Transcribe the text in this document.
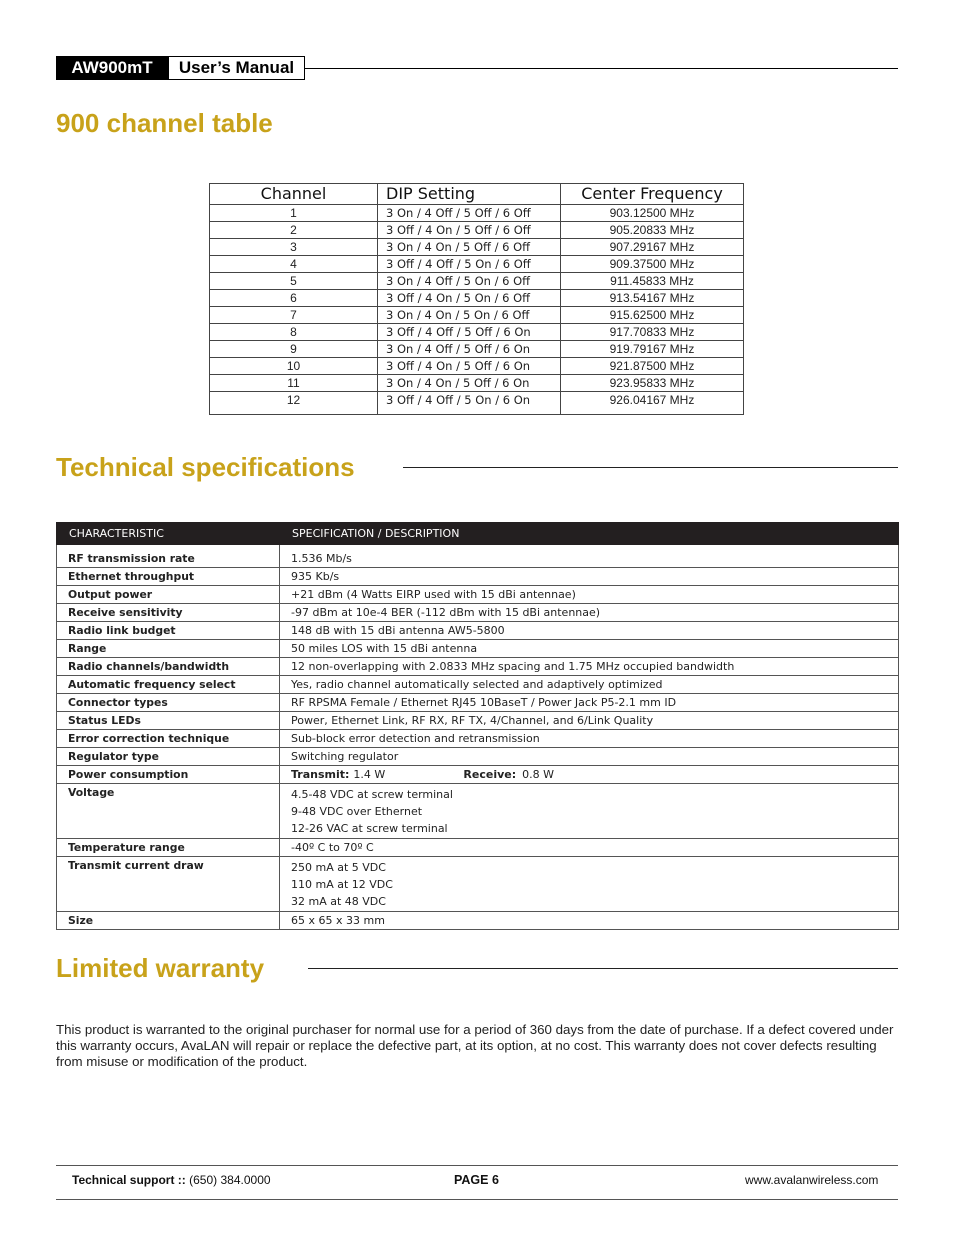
AW900mT	User’s Manual
900 channel table
Channel	DIP Setting	Center Frequency
1	3 On / 4 Off / 5 Off / 6 Off	903.12500 MHz
2	3 Off / 4 On / 5 Off / 6 Off	905.20833 MHz
3	3 On / 4 On / 5 Off / 6 Off	907.29167 MHz
4	3 Off / 4 Off / 5 On / 6 Off	909.37500 MHz
5	3 On / 4 Off / 5 On / 6 Off	911.45833 MHz
6	3 Off / 4 On / 5 On / 6 Off	913.54167 MHz
7	3 On / 4 On / 5 On / 6 Off	915.62500 MHz
8	3 Off / 4 Off / 5 Off / 6 On	917.70833 MHz
9	3 On / 4 Off / 5 Off / 6 On	919.79167 MHz
10	3 Off / 4 On / 5 Off / 6 On	921.87500 MHz
11	3 On / 4 On / 5 Off / 6 On	923.95833 MHz
12	3 Off / 4 Off / 5 On / 6 On	926.04167 MHz
Technical specifications
CHARACTERISTIC	SPECIFICATION / DESCRIPTION
RF transmission rate	1.536 Mb/s
Ethernet throughput	935 Kb/s
Output power	+21 dBm (4 Watts EIRP used with 15 dBi antennae)
Receive sensitivity	-97 dBm at 10e-4 BER (-112 dBm with 15 dBi antennae)
Radio link budget	148 dB with 15 dBi antenna AW5-5800
Range	50 miles LOS with 15 dBi antenna
Radio channels/bandwidth	12 non-overlapping with 2.0833 MHz spacing and 1.75 MHz occupied bandwidth
Automatic frequency select	Yes, radio channel automatically selected and adaptively optimized
Connector types	RF RPSMA Female / Ethernet RJ45 10BaseT / Power Jack P5-2.1 mm ID
Status LEDs	Power, Ethernet Link, RF RX, RF TX, 4/Channel, and 6/Link Quality
Error correction technique	Sub-block error detection and retransmission
Regulator type	Switching regulator
Power consumption	Transmit: 1.4 W Receive: 0.8 W
Voltage	4.5-48 VDC at screw terminal
9-48 VDC over Ethernet
12-26 VAC at screw terminal

Temperature range	-40º C to 70º C
Transmit current draw	250 mA at 5 VDC
110 mA at 12 VDC
32 mA at 48 VDC

Size	65 x 65 x 33 mm
Limited warranty
This product is warranted to the original purchaser for normal use for a period of 360 days from the date of purchase. If a defect covered under this warranty occurs, AvaLAN will repair or replace the defective part, at its option, at no cost. This warranty does not cover defects resulting from misuse or modification of the product.
Technical support :: (650) 384.0000	PAGE 6	www.avalanwireless.com
